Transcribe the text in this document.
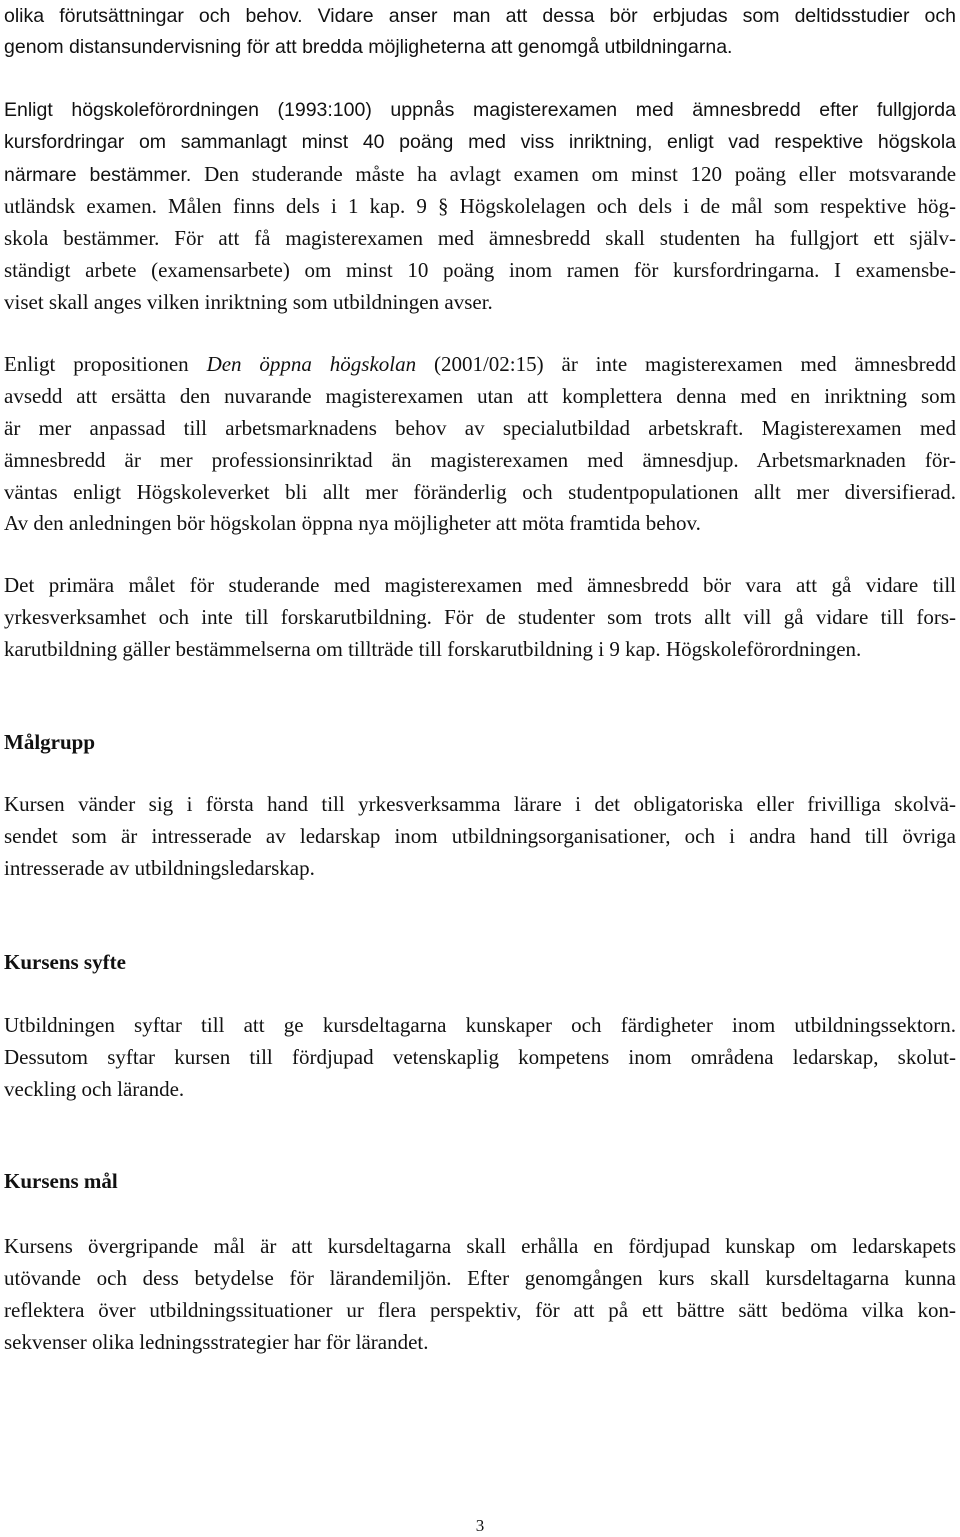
olika förutsättningar och behov. Vidare anser man att dessa bör erbjudas som deltidsstudier och

genom distansundervisning för att bredda möjligheterna att genomgå utbildningarna.

Enligt högskoleförordningen (1993:100) uppnås magisterexamen med ämnesbredd efter fullgjorda

kursfordringar om sammanlagt minst 40 poäng med viss inriktning, enligt vad respektive högskola

närmare bestämmer. Den studerande måste ha avlagt examen om minst 120 poäng eller motsvarande

utländsk examen. Målen finns dels i 1 kap. 9 § Högskolelagen och dels i de mål som respektive hög-

skola bestämmer. För att få magisterexamen med ämnesbredd skall studenten ha fullgjort ett själv-

ständigt arbete (examensarbete) om minst 10 poäng inom ramen för kursfordringarna. I examensbe-

viset skall anges vilken inriktning som utbildningen avser.

Enligt propositionen Den öppna högskolan (2001/02:15) är inte magisterexamen med ämnesbredd

avsedd att ersätta den nuvarande magisterexamen utan att komplettera denna med en inriktning som

är mer anpassad till arbetsmarknadens behov av specialutbildad arbetskraft. Magisterexamen med

ämnesbredd är mer professionsinriktad än magisterexamen med ämnesdjup. Arbetsmarknaden för-

väntas enligt Högskoleverket bli allt mer föränderlig och studentpopulationen allt mer diversifierad.

Av den anledningen bör högskolan öppna nya möjligheter att möta framtida behov.

Det primära målet för studerande med magisterexamen med ämnesbredd bör vara att gå vidare till

yrkesverksamhet och inte till forskarutbildning. För de studenter som trots allt vill gå vidare till fors-

karutbildning gäller bestämmelserna om tillträde till forskarutbildning i 9 kap. Högskoleförordningen.

Målgrupp

Kursen vänder sig i första hand till yrkesverksamma lärare i det obligatoriska eller frivilliga skolvä-

sendet som är intresserade av ledarskap inom utbildningsorganisationer, och i andra hand till övriga

intresserade av utbildningsledarskap.

Kursens syfte

Utbildningen syftar till att ge kursdeltagarna kunskaper och färdigheter inom utbildningssektorn.

Dessutom syftar kursen till fördjupad vetenskaplig kompetens inom områdena ledarskap, skolut-

veckling och lärande.

Kursens mål

Kursens övergripande mål är att kursdeltagarna skall erhålla en fördjupad kunskap om ledarskapets

utövande och dess betydelse för lärandemiljön. Efter genomgången kurs skall kursdeltagarna kunna

reflektera över utbildningssituationer ur flera perspektiv, för att på ett bättre sätt bedöma vilka kon-

sekvenser olika ledningsstrategier har för lärandet.

3
